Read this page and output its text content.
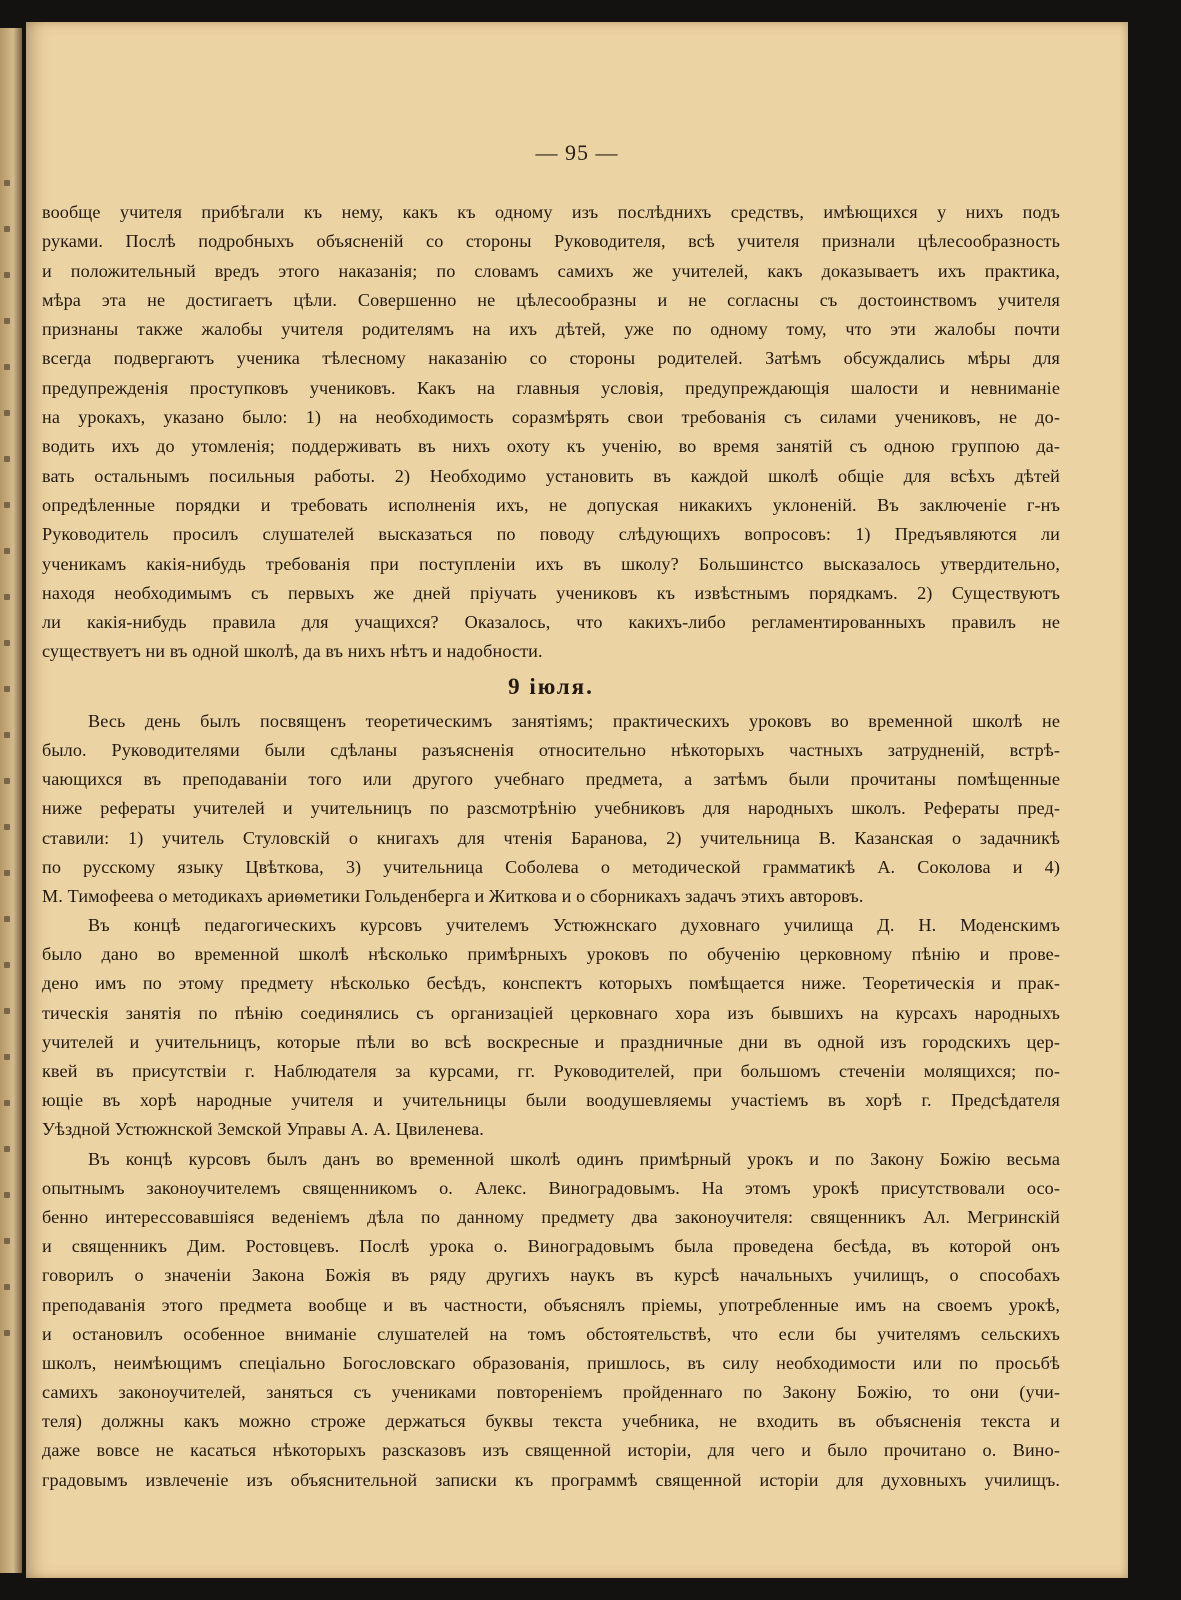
— 95 —
вообще учителя прибѣгали къ нему, какъ къ одному изъ послѣднихъ средствъ, имѣющихся у нихъ подъ
руками. Послѣ подробныхъ объясненій со стороны Руководителя, всѣ учителя признали цѣлесообразность
и положительный вредъ этого наказанія; по словамъ самихъ же учителей, какъ доказываетъ ихъ практика,
мѣра эта не достигаетъ цѣли. Совершенно не цѣлесообразны и не согласны съ достоинствомъ учителя
признаны также жалобы учителя родителямъ на ихъ дѣтей, уже по одному тому, что эти жалобы почти
всегда подвергаютъ ученика тѣлесному наказанію со стороны родителей. Затѣмъ обсуждались мѣры для
предупрежденія проступковъ учениковъ. Какъ на главныя условія, предупреждающія шалости и невниманіе
на урокахъ, указано было: 1) на необходимость соразмѣрять свои требованія съ силами учениковъ, не до-
водить ихъ до утомленія; поддерживать въ нихъ охоту къ ученію, во время занятій съ одною группою да-
вать остальнымъ посильныя работы. 2) Необходимо установить въ каждой школѣ общіе для всѣхъ дѣтей
опредѣленные порядки и требовать исполненія ихъ, не допуская никакихъ уклоненій. Въ заключеніе г-нъ
Руководитель просилъ слушателей высказаться по поводу слѣдующихъ вопросовъ: 1) Предъявляются ли
ученикамъ какія-нибудь требованія при поступленіи ихъ въ школу? Большинстсо высказалось утвердительно,
находя необходимымъ съ первыхъ же дней пріучать учениковъ къ извѣстнымъ порядкамъ. 2) Существуютъ
ли какія-нибудь правила для учащихся? Оказалось, что какихъ-либо регламентированныхъ правилъ не
существуетъ ни въ одной школѣ, да въ нихъ нѣтъ и надобности.
9 іюля.
Весь день былъ посвященъ теоретическимъ занятіямъ; практическихъ уроковъ во временной школѣ не
было. Руководителями были сдѣланы разъясненія относительно нѣкоторыхъ частныхъ затрудненій, встрѣ-
чающихся въ преподаваніи того или другого учебнаго предмета, а затѣмъ были прочитаны помѣщенные
ниже рефераты учителей и учительницъ по разсмотрѣнію учебниковъ для народныхъ школъ. Рефераты пред-
ставили: 1) учитель Стуловскій о книгахъ для чтенія Баранова, 2) учительница В. Казанская о задачникѣ
по русскому языку Цвѣткова, 3) учительница Соболева о методической грамматикѣ А. Соколова и 4)
М. Тимофеева о методикахъ ариѳметики Гольденберга и Житкова и о сборникахъ задачъ этихъ авторовъ.
Въ концѣ педагогическихъ курсовъ учителемъ Устюжнскаго духовнаго училища Д. Н. Моденскимъ
было дано во временной школѣ нѣсколько примѣрныхъ уроковъ по обученію церковному пѣнію и прове-
дено имъ по этому предмету нѣсколько бесѣдъ, конспектъ которыхъ помѣщается ниже. Теоретическія и прак-
тическія занятія по пѣнію соединялись съ организаціей церковнаго хора изъ бывшихъ на курсахъ народныхъ
учителей и учительницъ, которые пѣли во всѣ воскресные и праздничные дни въ одной изъ городскихъ цер-
квей въ присутствіи г. Наблюдателя за курсами, гг. Руководителей, при большомъ стеченіи молящихся; по-
ющіе въ хорѣ народные учителя и учительницы были воодушевляемы участіемъ въ хорѣ г. Предсѣдателя
Уѣздной Устюжнской Земской Управы А. А. Цвиленева.
Въ концѣ курсовъ былъ данъ во временной школѣ одинъ примѣрный урокъ и по Закону Божію весьма
опытнымъ законоучителемъ священникомъ о. Алекс. Виноградовымъ. На этомъ урокѣ присутствовали осо-
бенно интерессовавшіяся веденіемъ дѣла по данному предмету два законоучителя: священникъ Ал. Мегринскій
и священникъ Дим. Ростовцевъ. Послѣ урока о. Виноградовымъ была проведена бесѣда, въ которой онъ
говорилъ о значеніи Закона Божія въ ряду другихъ наукъ въ курсѣ начальныхъ училищъ, о способахъ
преподаванія этого предмета вообще и въ частности, объяснялъ пріемы, употребленные имъ на своемъ урокѣ,
и остановилъ особенное вниманіе слушателей на томъ обстоятельствѣ, что если бы учителямъ сельскихъ
школъ, неимѣющимъ спеціально Богословскаго образованія, пришлось, въ силу необходимости или по просьбѣ
самихъ законоучителей, заняться съ учениками повтореніемъ пройденнаго по Закону Божію, то они (учи-
теля) должны какъ можно строже держаться буквы текста учебника, не входить въ объясненія текста и
даже вовсе не касаться нѣкоторыхъ разсказовъ изъ священной исторіи, для чего и было прочитано о. Вино-
градовымъ извлеченіе изъ объяснительной записки къ программѣ священной исторіи для духовныхъ училищъ.
